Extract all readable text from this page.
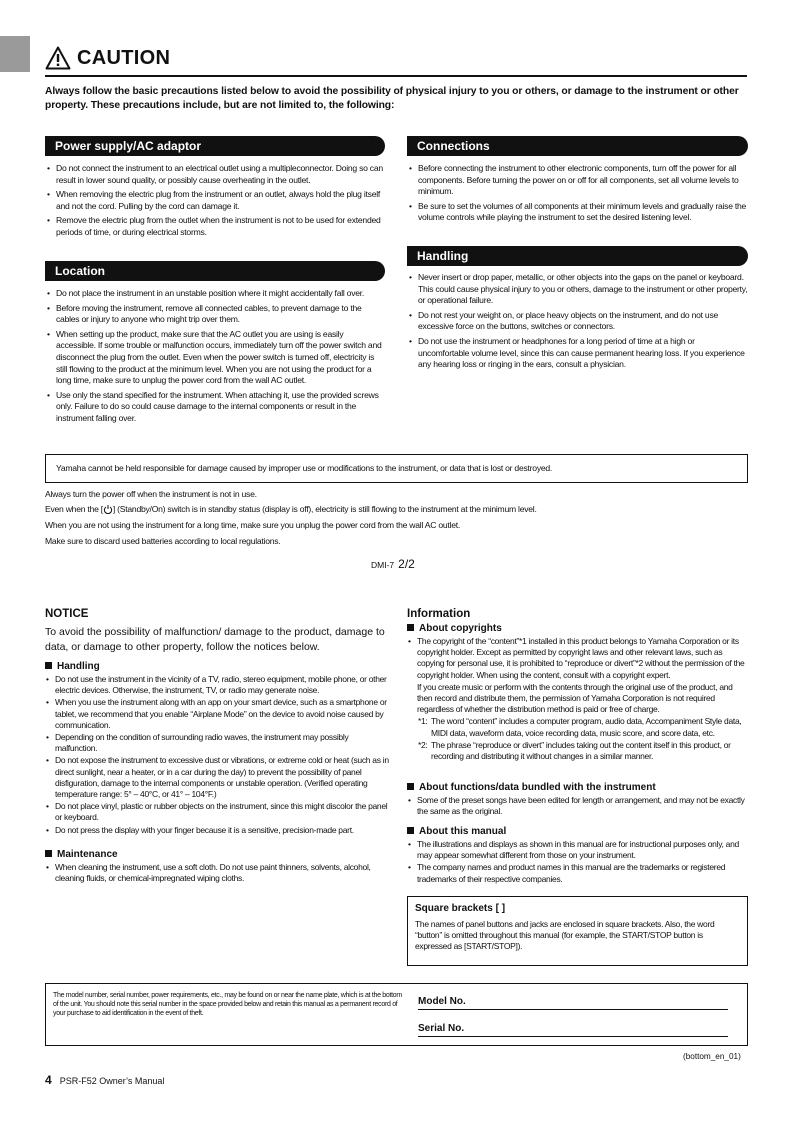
CAUTION
Always follow the basic precautions listed below to avoid the possibility of physical injury to you or others, or damage to the instrument or other property. These precautions include, but are not limited to, the following:
Power supply/AC adaptor
• Do not connect the instrument to an electrical outlet using a multipleconnector. Doing so can result in lower sound quality, or possibly cause overheating in the outlet.
• When removing the electric plug from the instrument or an outlet, always hold the plug itself and not the cord. Pulling by the cord can damage it.
• Remove the electric plug from the outlet when the instrument is not to be used for extended periods of time, or during electrical storms.
Location
• Do not place the instrument in an unstable position where it might accidentally fall over.
• Before moving the instrument, remove all connected cables, to prevent damage to the cables or injury to anyone who might trip over them.
• When setting up the product, make sure that the AC outlet you are using is easily accessible. If some trouble or malfunction occurs, immediately turn off the power switch and disconnect the plug from the outlet. Even when the power switch is turned off, electricity is still flowing to the product at the minimum level. When you are not using the product for a long time, make sure to unplug the power cord from the wall AC outlet.
• Use only the stand specified for the instrument. When attaching it, use the provided screws only. Failure to do so could cause damage to the internal components or result in the instrument falling over.
Connections
• Before connecting the instrument to other electronic components, turn off the power for all components. Before turning the power on or off for all components, set all volume levels to minimum.
• Be sure to set the volumes of all components at their minimum levels and gradually raise the volume controls while playing the instrument to set the desired listening level.
Handling
• Never insert or drop paper, metallic, or other objects into the gaps on the panel or keyboard. This could cause physical injury to you or others, damage to the instrument or other property, or operational failure.
• Do not rest your weight on, or place heavy objects on the instrument, and do not use excessive force on the buttons, switches or connectors.
• Do not use the instrument or headphones for a long period of time at a high or uncomfortable volume level, since this can cause permanent hearing loss. If you experience any hearing loss or ringing in the ears, consult a physician.
Yamaha cannot be held responsible for damage caused by improper use or modifications to the instrument, or data that is lost or destroyed.
Always turn the power off when the instrument is not in use.
Even when the [ ] (Standby/On) switch is in standby status (display is off), electricity is still flowing to the instrument at the minimum level.
When you are not using the instrument for a long time, make sure you unplug the power cord from the wall AC outlet.
Make sure to discard used batteries according to local regulations.
DMI-7 2/2
NOTICE
To avoid the possibility of malfunction/ damage to the product, damage to data, or damage to other property, follow the notices below.
Handling
• Do not use the instrument in the vicinity of a TV, radio, stereo equipment, mobile phone, or other electric devices. Otherwise, the instrument, TV, or radio may generate noise.
• When you use the instrument along with an app on your smart device, such as a smartphone or tablet, we recommend that you enable “Airplane Mode” on the device to avoid noise caused by communication.
• Depending on the condition of surrounding radio waves, the instrument may possibly malfunction.
• Do not expose the instrument to excessive dust or vibrations, or extreme cold or heat (such as in direct sunlight, near a heater, or in a car during the day) to prevent the possibility of panel disfiguration, damage to the internal components or unstable operation. (Verified operating temperature range: 5° – 40°C, or 41° – 104°F.)
• Do not place vinyl, plastic or rubber objects on the instrument, since this might discolor the panel or keyboard.
• Do not press the display with your finger because it is a sensitive, precision-made part.
Maintenance
• When cleaning the instrument, use a soft cloth. Do not use paint thinners, solvents, alcohol, cleaning fluids, or chemical-impregnated wiping cloths.
Information
About copyrights
• The copyright of the “content”*1 installed in this product belongs to Yamaha Corporation or its copyright holder. Except as permitted by copyright laws and other relevant laws, such as copying for personal use, it is prohibited to “reproduce or divert”*2 without the permission of the copyright holder. When using the content, consult with a copyright expert.
If you create music or perform with the contents through the original use of the product, and then record and distribute them, the permission of Yamaha Corporation is not required regardless of whether the distribution method is paid or free of charge.
*1: The word “content” includes a computer program, audio data, Accompaniment Style data, MIDI data, waveform data, voice recording data, music score, and score data, etc.
*2: The phrase “reproduce or divert” includes taking out the content itself in this product, or recording and distributing it without changes in a similar manner.
About functions/data bundled with the instrument
• Some of the preset songs have been edited for length or arrangement, and may not be exactly the same as the original.
About this manual
• The illustrations and displays as shown in this manual are for instructional purposes only, and may appear somewhat different from those on your instrument.
• The company names and product names in this manual are the trademarks or registered trademarks of their respective companies.
Square brackets [ ]
The names of panel buttons and jacks are enclosed in square brackets. Also, the word “button” is omitted throughout this manual (for example, the START/STOP button is expressed as [START/STOP]).
The model number, serial number, power requirements, etc., may be found on or near the name plate, which is at the bottom of the unit. You should note this serial number in the space provided below and retain this manual as a permanent record of your purchase to aid identification in the event of theft.
Model No.
Serial No.
(bottom_en_01)
4 PSR-F52 Owner’s Manual
